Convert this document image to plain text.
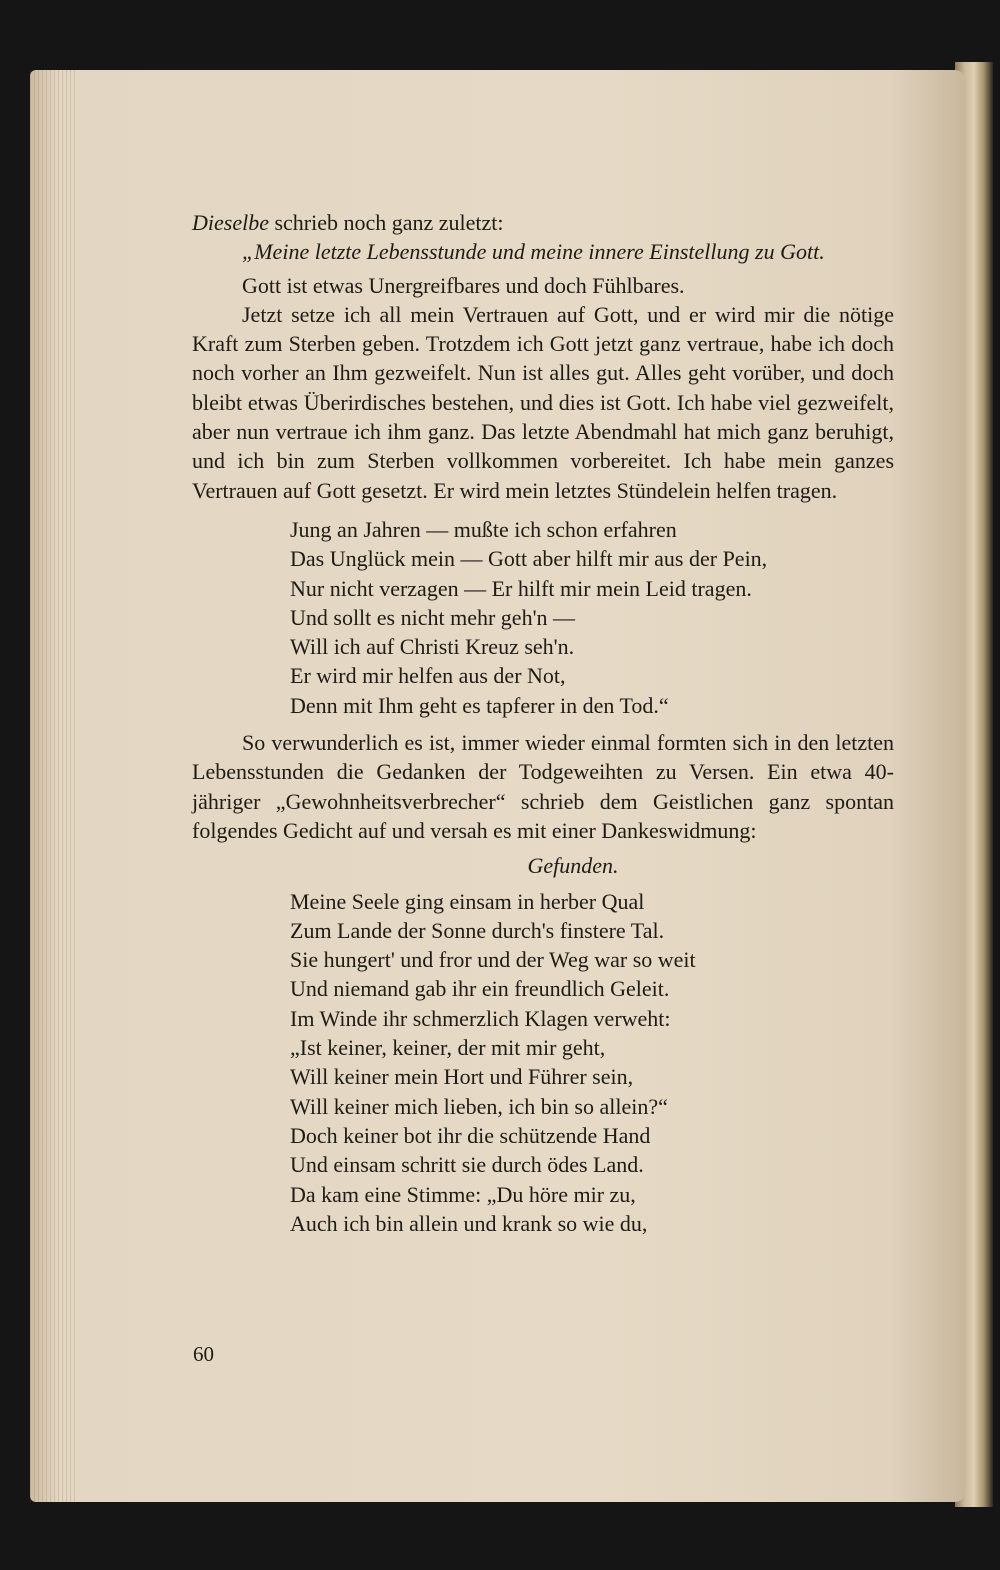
Dieselbe schrieb noch ganz zuletzt:

„Meine letzte Lebensstunde und meine innere Einstellung zu Gott.

Gott ist etwas Unergreifbares und doch Fühlbares.

Jetzt setze ich all mein Vertrauen auf Gott, und er wird mir die nötige Kraft zum Sterben geben. Trotzdem ich Gott jetzt ganz vertraue, habe ich doch noch vorher an Ihm gezweifelt. Nun ist alles gut. Alles geht vorüber, und doch bleibt etwas Überirdisches bestehen, und dies ist Gott. Ich habe viel gezweifelt, aber nun vertraue ich ihm ganz. Das letzte Abendmahl hat mich ganz beruhigt, und ich bin zum Sterben vollkommen vorbereitet. Ich habe mein ganzes Vertrauen auf Gott gesetzt. Er wird mein letztes Stündelein helfen tragen.

Jung an Jahren — mußte ich schon erfahren
Das Unglück mein — Gott aber hilft mir aus der Pein,
Nur nicht verzagen — Er hilft mir mein Leid tragen.
Und sollt es nicht mehr geh'n —
Will ich auf Christi Kreuz seh'n.
Er wird mir helfen aus der Not,
Denn mit Ihm geht es tapferer in den Tod.“

So verwunderlich es ist, immer wieder einmal formten sich in den letzten Lebensstunden die Gedanken der Todgeweihten zu Versen. Ein etwa 40-jähriger „Gewohnheitsverbrecher“ schrieb dem Geistlichen ganz spontan folgendes Gedicht auf und versah es mit einer Dankeswidmung:

Gefunden.

Meine Seele ging einsam in herber Qual
Zum Lande der Sonne durch's finstere Tal.
Sie hungert' und fror und der Weg war so weit
Und niemand gab ihr ein freundlich Geleit.
Im Winde ihr schmerzlich Klagen verweht:
„Ist keiner, keiner, der mit mir geht,
Will keiner mein Hort und Führer sein,
Will keiner mich lieben, ich bin so allein?“
Doch keiner bot ihr die schützende Hand
Und einsam schritt sie durch ödes Land.
Da kam eine Stimme: „Du höre mir zu,
Auch ich bin allein und krank so wie du,
60
